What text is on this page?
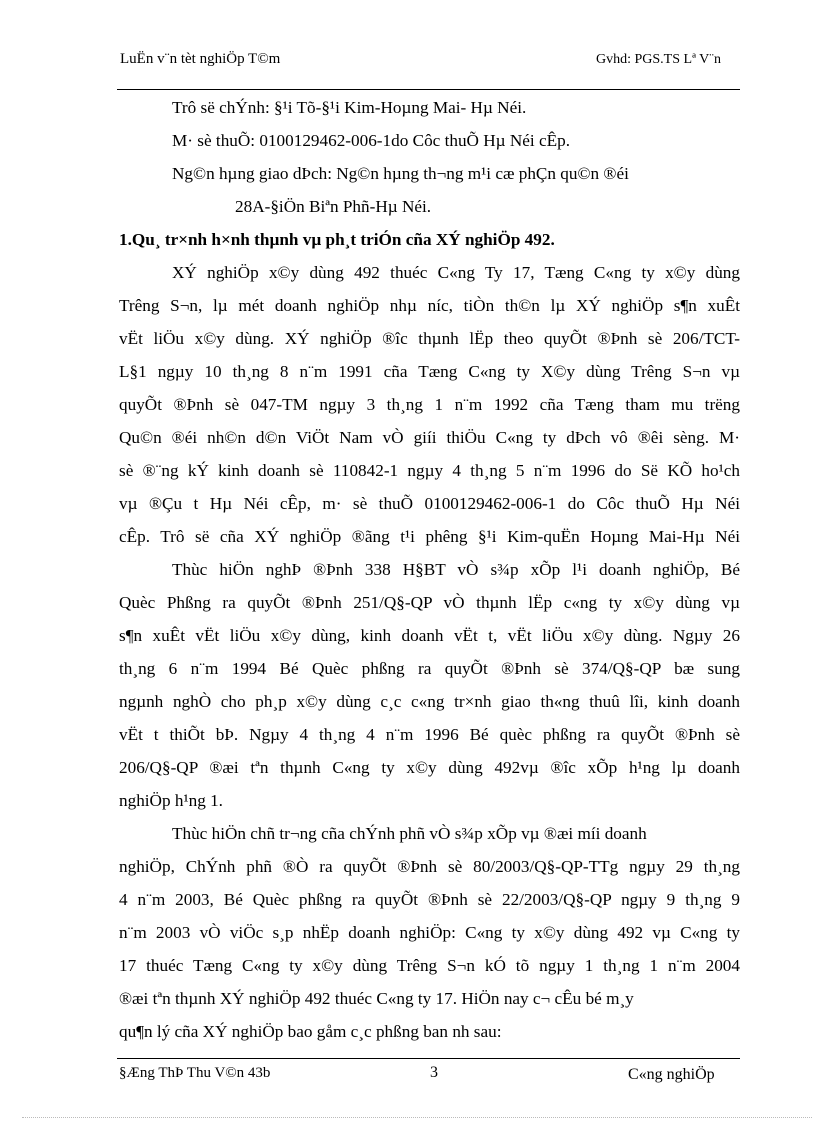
LuËn v¨n tèt nghiÖp T©m	Gvhd: PGS.TS Lª V¨n
Trô së chÝnh: §¹i Tõ-§¹i Kim-Hoµng Mai- Hµ Néi.
M· sè thuÕ: 0100129462-006-1do Côc thuÕ Hµ Néi cÊp.
Ng©n hµng giao dÞch: Ng©n hµng th¬ng m¹i cæ phÇn qu©n ®éi
28A-§iÖn Biªn Phñ-Hµ Néi.
1.Qu¸ tr×nh h×nh thµnh vµ ph¸t triÓn cña XÝ nghiÖp 492.
XÝ nghiÖp x©y dùng 492 thuéc C«ng Ty 17, Tæng C«ng ty x©y dùng
Trêng S¬n, lµ mét doanh nghiÖp nhµ níc, tiÒn th©n lµ XÝ nghiÖp s¶n xuÊt
vËt liÖu x©y dùng. XÝ nghiÖp ®îc thµnh lËp theo quyÕt ®Þnh sè 206/TCT-
L§1 ngµy 10 th¸ng 8 n¨m 1991 cña Tæng C«ng ty X©y dùng Trêng S¬n vµ
quyÕt ®Þnh sè 047-TM ngµy 3 th¸ng 1 n¨m 1992 cña Tæng tham mu trëng
Qu©n ®éi nh©n d©n ViÖt Nam vÒ giíi thiÖu C«ng ty dÞch vô ®êi sèng. M·
sè ®¨ng kÝ kinh doanh sè 110842-1 ngµy 4 th¸ng 5 n¨m 1996 do Së KÕ ho¹ch
vµ ®Çu t Hµ Néi cÊp, m· sè thuÕ 0100129462-006-1 do Côc thuÕ Hµ Néi
cÊp. Trô së cña XÝ nghiÖp ®ãng t¹i phêng §¹i Kim-quËn Hoµng Mai-Hµ Néi
Thùc hiÖn nghÞ ®Þnh 338 H§BT vÒ s¾p xÕp l¹i doanh nghiÖp, Bé
Quèc Phßng ra quyÕt ®Þnh 251/Q§-QP vÒ thµnh lËp c«ng ty x©y dùng vµ
s¶n xuÊt vËt liÖu x©y dùng, kinh doanh vËt t, vËt liÖu x©y dùng. Ngµy 26
th¸ng 6 n¨m 1994 Bé Quèc phßng ra quyÕt ®Þnh sè 374/Q§-QP bæ sung
ngµnh nghÒ cho ph¸p x©y dùng c¸c c«ng tr×nh giao th«ng thuû lîi, kinh doanh
vËt t thiÕt bÞ. Ngµy 4 th¸ng 4 n¨m 1996 Bé quèc phßng ra quyÕt ®Þnh sè
206/Q§-QP ®æi tªn thµnh C«ng ty x©y dùng 492vµ ®îc xÕp h¹ng lµ doanh
nghiÖp h¹ng 1.
Thùc hiÖn chñ tr¬ng cña chÝnh phñ vÒ s¾p xÕp vµ ®æi míi doanh
nghiÖp, ChÝnh phñ ®Ò ra quyÕt ®Þnh sè 80/2003/Q§-QP-TTg ngµy 29 th¸ng
4 n¨m 2003, Bé Quèc phßng ra quyÕt ®Þnh sè 22/2003/Q§-QP ngµy 9 th¸ng 9
n¨m 2003 vÒ viÖc s¸p nhËp doanh nghiÖp: C«ng ty x©y dùng 492 vµ C«ng ty
17 thuéc Tæng C«ng ty x©y dùng Trêng S¬n kÓ tõ ngµy 1 th¸ng 1 n¨m 2004
®æi tªn thµnh XÝ nghiÖp 492 thuéc C«ng ty 17. HiÖn nay c¬ cÊu bé m¸y
qu¶n lý cña XÝ nghiÖp bao gåm c¸c phßng ban nh sau:
§Æng ThÞ Thu V©n 43b	3	C«ng nghiÖp
